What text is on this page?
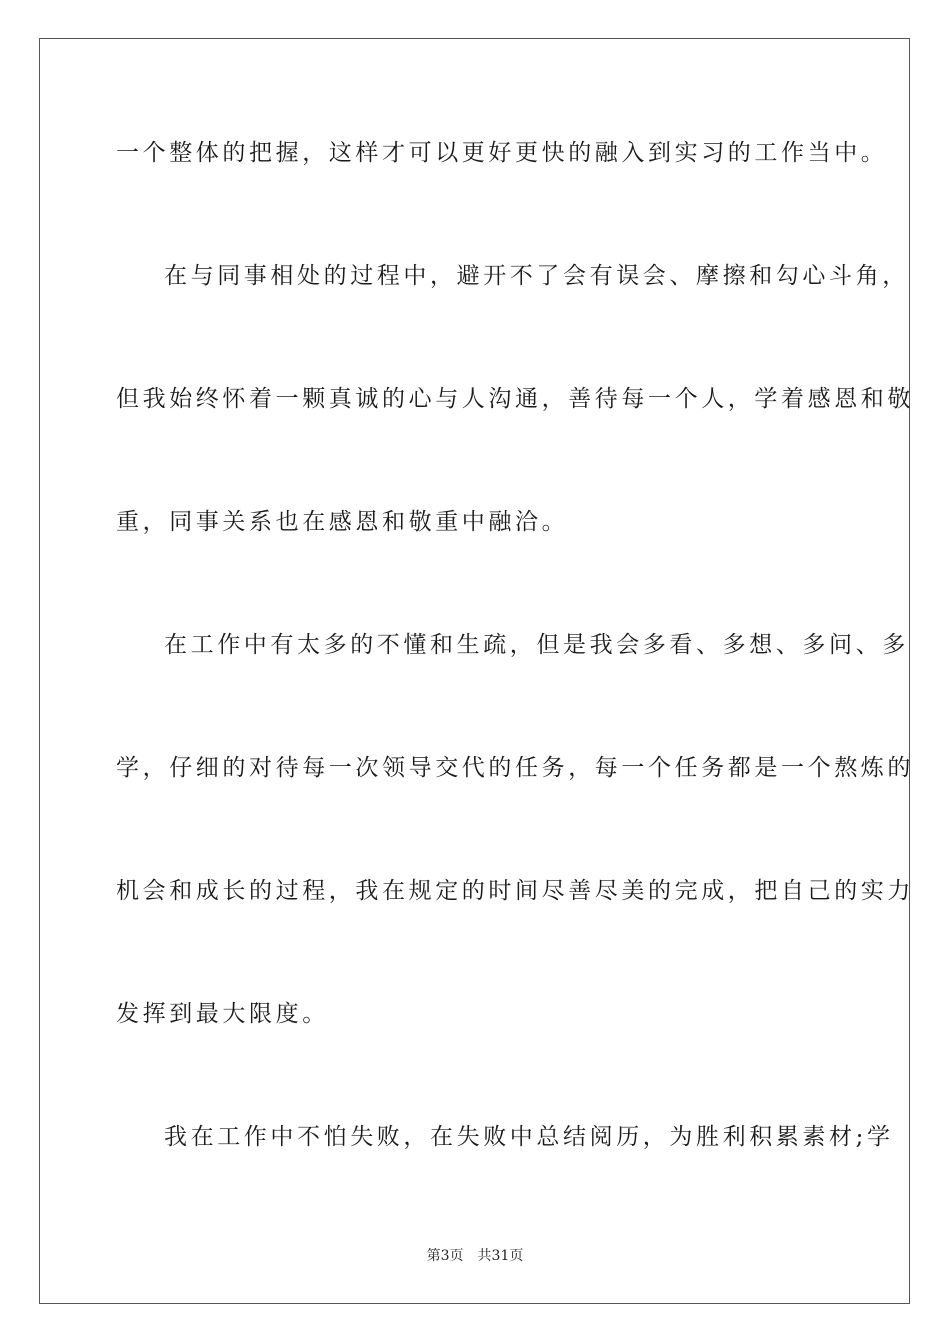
一个整体的把握，这样才可以更好更快的融入到实习的工作当中。
在与同事相处的过程中，避开不了会有误会、摩擦和勾心斗角，
但我始终怀着一颗真诚的心与人沟通，善待每一个人，学着感恩和敬
重，同事关系也在感恩和敬重中融洽。
在工作中有太多的不懂和生疏，但是我会多看、多想、多问、多
学，仔细的对待每一次领导交代的任务，每一个任务都是一个熬炼的
机会和成长的过程，我在规定的时间尽善尽美的完成，把自己的实力
发挥到最大限度。
我在工作中不怕失败，在失败中总结阅历，为胜利积累素材;学
第3页 共31页
